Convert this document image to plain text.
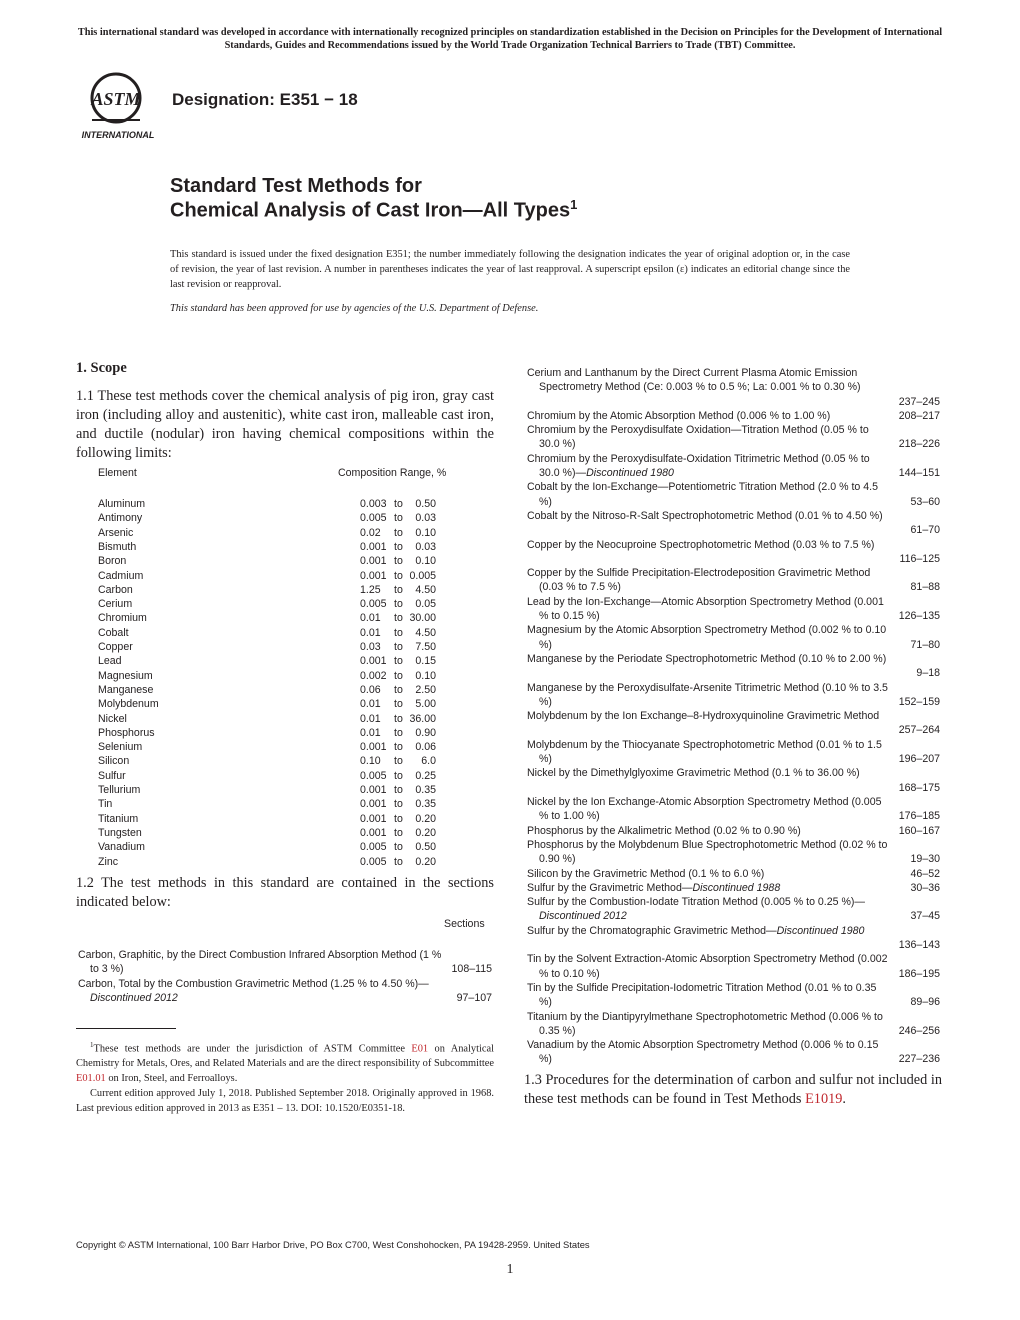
This international standard was developed in accordance with internationally recognized principles on standardization established in the Decision on Principles for the Development of International Standards, Guides and Recommendations issued by the World Trade Organization Technical Barriers to Trade (TBT) Committee.
ASTM
INTERNATIONAL
Designation: E351 − 18
Standard Test Methods for
Chemical Analysis of Cast Iron—All Types$^1$
This standard is issued under the fixed designation E351; the number immediately following the designation indicates the year of original adoption or, in the case of revision, the year of last revision. A number in parentheses indicates the year of last reapproval. A superscript epsilon (ε) indicates an editorial change since the last revision or reapproval.
This standard has been approved for use by agencies of the U.S. Department of Defense.
1. Scope
1.1 These test methods cover the chemical analysis of pig iron, gray cast iron (including alloy and austenitic), white cast iron, malleable cast iron, and ductile (nodular) iron having chemical compositions within the following limits:
Element	Composition Range, %
Aluminum	0.003 to	0.50
Antimony	0.005 to	0.03
Arsenic	0.02	to	0.10
Bismuth	0.001 to	0.03
Boron	0.001 to	0.10
Cadmium	0.001 to 0.005
Carbon	1.25	to	4.50
Cerium	0.005 to	0.05
Chromium	0.01	to 30.00
Cobalt	0.01	to	4.50
Copper	0.03	to	7.50
Lead	0.001 to	0.15
Magnesium	0.002 to	0.10
Manganese	0.06	to	2.50
Molybdenum	0.01	to	5.00
Nickel	0.01	to 36.00
Phosphorus	0.01	to	0.90
Selenium	0.001 to	0.06
Silicon	0.10	to	6.0
Sulfur	0.005 to	0.25
Tellurium	0.001 to	0.35
Tin	0.001 to	0.35
Titanium	0.001 to	0.20
Tungsten	0.001 to	0.20
Vanadium	0.005 to	0.50
Zinc	0.005 to	0.20
1.2 The test methods in this standard are contained in the sections indicated below:
Sections
Carbon, Graphitic, by the Direct Combustion Infrared Absorption Method (1 % to 3 %)	108–115
Carbon, Total by the Combustion Gravimetric Method (1.25 % to 4.50 %)—Discontinued 2012	97–107
Cerium and Lanthanum by the Direct Current Plasma Atomic Emission Spectrometry Method (Ce: 0.003 % to 0.5 %; La: 0.001 % to 0.30 %)
237–245
Chromium by the Atomic Absorption Method (0.006 % to 1.00 %)	208–217
Chromium by the Peroxydisulfate Oxidation—Titration Method (0.05 % to 30.0 %)	218–226
Chromium by the Peroxydisulfate-Oxidation Titrimetric Method (0.05 % to 30.0 %)—Discontinued 1980	144–151
Cobalt by the Ion-Exchange—Potentiometric Titration Method (2.0 % to 4.5 %)	53–60
Cobalt by the Nitroso-R-Salt Spectrophotometric Method (0.01 % to 4.50 %)
61–70
Copper by the Neocuproine Spectrophotometric Method (0.03 % to 7.5 %)
116–125
Copper by the Sulfide Precipitation-Electrodeposition Gravimetric Method (0.03 % to 7.5 %)	81–88
Lead by the Ion-Exchange—Atomic Absorption Spectrometry Method (0.001 % to 0.15 %)	126–135
Magnesium by the Atomic Absorption Spectrometry Method (0.002 % to 0.10 %)	71–80
Manganese by the Periodate Spectrophotometric Method (0.10 % to 2.00 %)
9–18
Manganese by the Peroxydisulfate-Arsenite Titrimetric Method (0.10 % to 3.5 %)	152–159
Molybdenum by the Ion Exchange–8-Hydroxyquinoline Gravimetric Method
257–264
Molybdenum by the Thiocyanate Spectrophotometric Method (0.01 % to 1.5 %)	196–207
Nickel by the Dimethylglyoxime Gravimetric Method (0.1 % to 36.00 %)
168–175
Nickel by the Ion Exchange-Atomic Absorption Spectrometry Method (0.005 % to 1.00 %)	176–185
Phosphorus by the Alkalimetric Method (0.02 % to 0.90 %)	160–167
Phosphorus by the Molybdenum Blue Spectrophotometric Method (0.02 % to 0.90 %)	19–30
Silicon by the Gravimetric Method (0.1 % to 6.0 %)	46–52
Sulfur by the Gravimetric Method—Discontinued 1988	30–36
Sulfur by the Combustion-Iodate Titration Method (0.005 % to 0.25 %)—Discontinued 2012	37–45
Sulfur by the Chromatographic Gravimetric Method—Discontinued 1980
136–143
Tin by the Solvent Extraction-Atomic Absorption Spectrometry Method (0.002 % to 0.10 %)	186–195
Tin by the Sulfide Precipitation-Iodometric Titration Method (0.01 % to 0.35 %)	89–96
Titanium by the Diantipyrylmethane Spectrophotometric Method (0.006 % to 0.35 %)	246–256
Vanadium by the Atomic Absorption Spectrometry Method (0.006 % to 0.15 %)	227–236
$^1$These test methods are under the jurisdiction of ASTM Committee E01 on Analytical Chemistry for Metals, Ores, and Related Materials and are the direct responsibility of Subcommittee E01.01 on Iron, Steel, and Ferroalloys.
Current edition approved July 1, 2018. Published September 2018. Originally approved in 1968. Last previous edition approved in 2013 as E351 – 13. DOI: 10.1520/E0351-18.
1.3 Procedures for the determination of carbon and sulfur not included in these test methods can be found in Test Methods E1019.
Copyright © ASTM International, 100 Barr Harbor Drive, PO Box C700, West Conshohocken, PA 19428-2959. United States
1
